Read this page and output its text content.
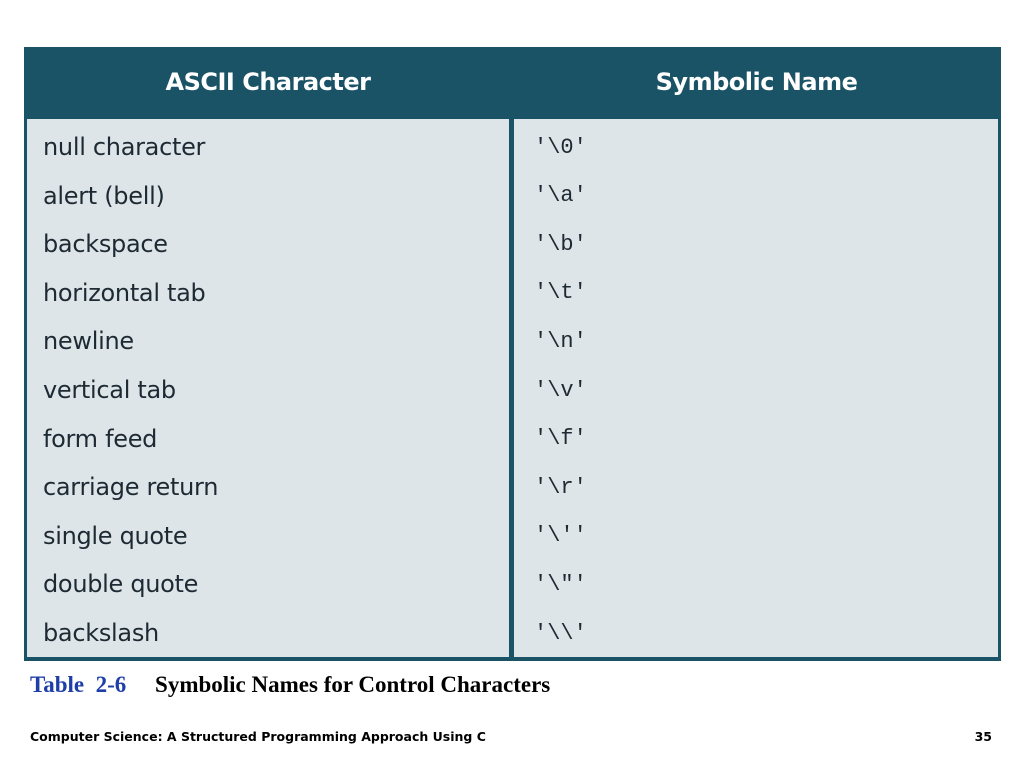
ASCII Character	Symbolic Name
null character
alert (bell)
backspace
horizontal tab
newline
vertical tab
form feed
carriage return
single quote
double quote
backslash
'\0'
'\a'
'\b'
'\t'
'\n'
'\v'
'\f'
'\r'
'\''
'\"'
'\\'
Table  2-6 Symbolic Names for Control Characters
Computer Science: A Structured Programming Approach Using C	35
